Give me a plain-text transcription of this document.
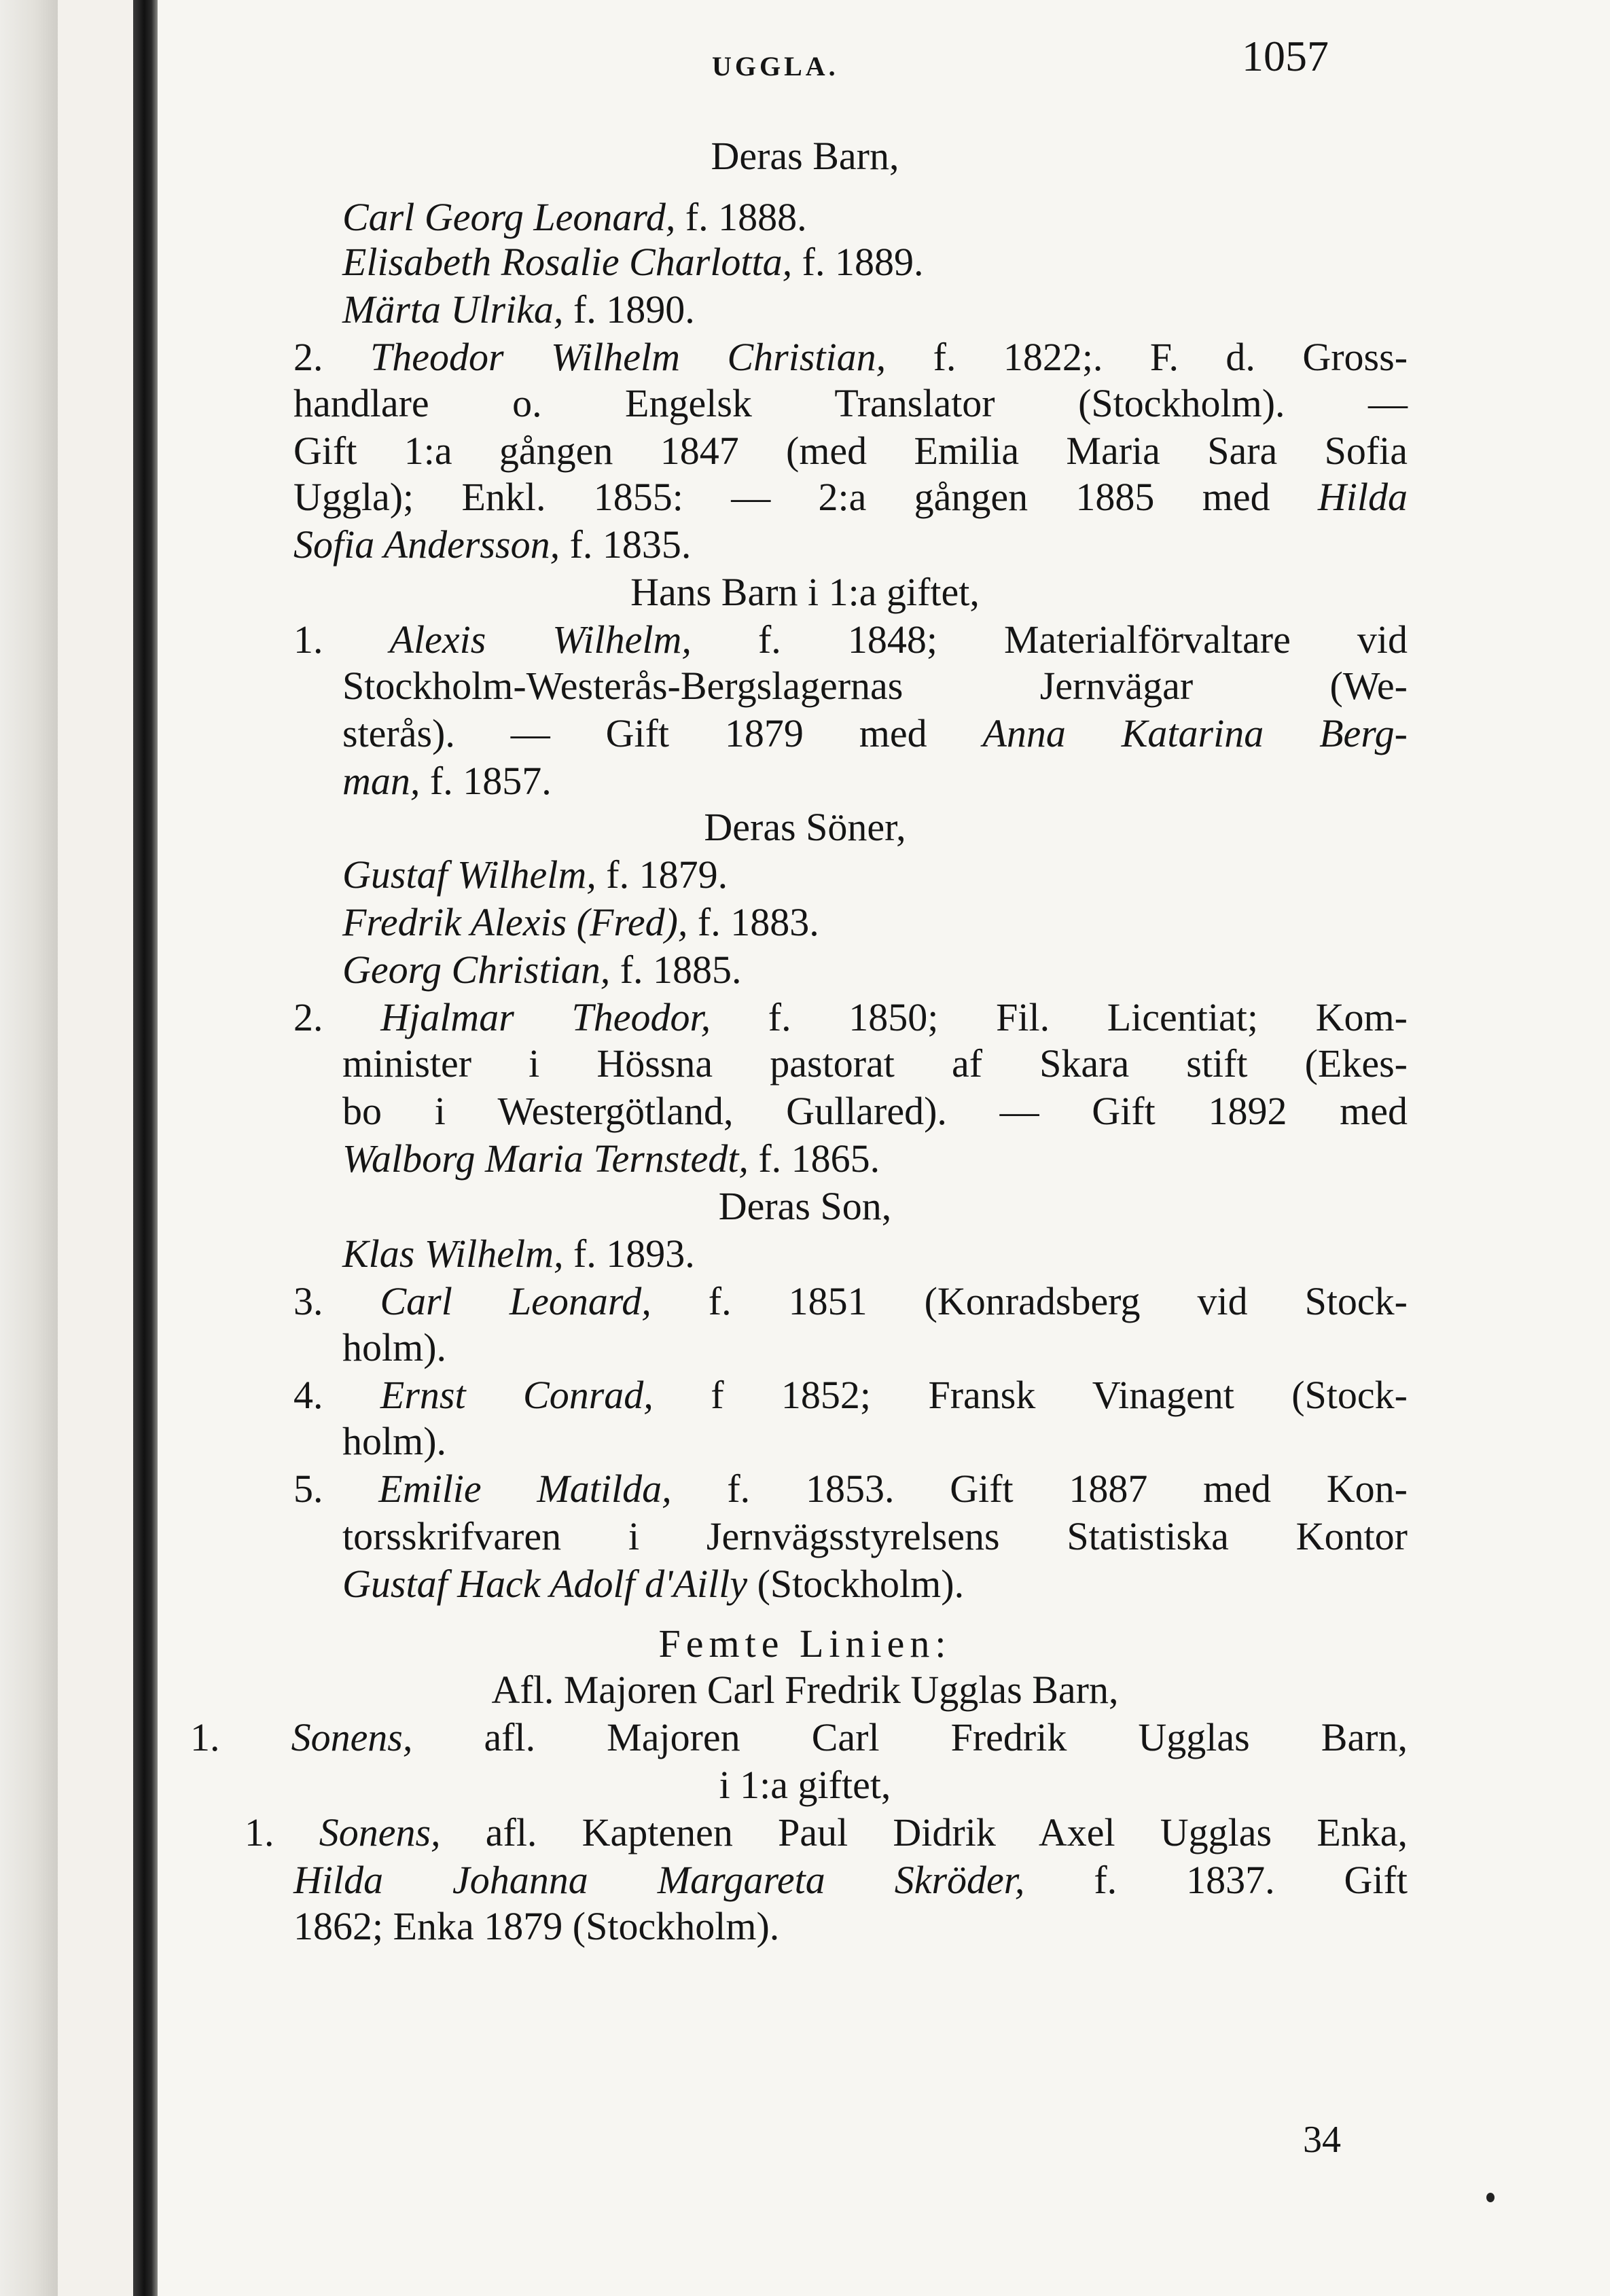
UGGLA.	1057
Deras Barn,
Carl Georg Leonard, f. 1888.
Elisabeth Rosalie Charlotta, f. 1889.
Märta Ulrika, f. 1890.
2. Theodor Wilhelm Christian, f. 1822;. F. d. Gross-
handlare o. Engelsk Translator (Stockholm). —
Gift 1:a gången 1847 (med Emilia Maria Sara Sofia
Uggla); Enkl. 1855: — 2:a gången 1885 med Hilda
Sofia Andersson, f. 1835.
Hans Barn i 1:a giftet,
1. Alexis Wilhelm, f. 1848; Materialförvaltare vid
Stockholm-Westerås-Bergslagernas Jernvägar (We-
sterås). — Gift 1879 med Anna Katarina Berg-
man, f. 1857.
Deras Söner,
Gustaf Wilhelm, f. 1879.
Fredrik Alexis (Fred), f. 1883.
Georg Christian, f. 1885.
2. Hjalmar Theodor, f. 1850; Fil. Licentiat; Kom-
minister i Hössna pastorat af Skara stift (Ekes-
bo i Westergötland, Gullared). — Gift 1892 med
Walborg Maria Ternstedt, f. 1865.
Deras Son,
Klas Wilhelm, f. 1893.
3. Carl Leonard, f. 1851 (Konradsberg vid Stock-
holm).
4. Ernst Conrad, f 1852; Fransk Vinagent (Stock-
holm).
5. Emilie Matilda, f. 1853. Gift 1887 med Kon-
torsskrifvaren i Jernvägsstyrelsens Statistiska Kontor
Gustaf Hack Adolf d'Ailly (Stockholm).
Femte Linien:
Afl. Majoren Carl Fredrik Ugglas Barn,
1. Sonens, afl. Majoren Carl Fredrik Ugglas Barn,
i 1:a giftet,
1. Sonens, afl. Kaptenen Paul Didrik Axel Ugglas Enka,
Hilda Johanna Margareta Skröder, f. 1837. Gift
1862; Enka 1879 (Stockholm).
34
